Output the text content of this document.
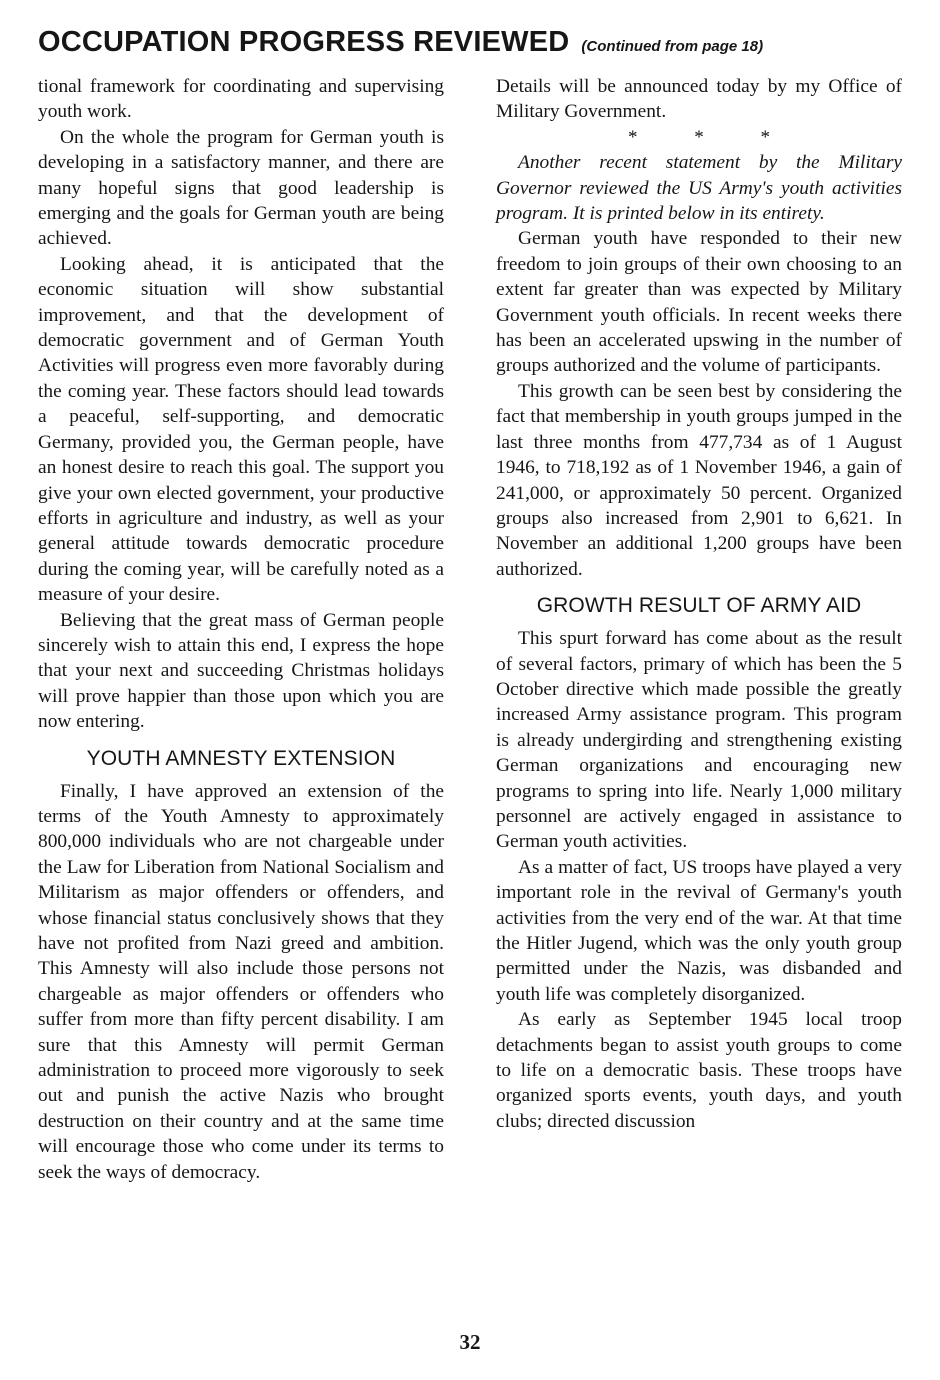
OCCUPATION PROGRESS REVIEWED (Continued from page 18)

tional framework for coordinating and supervising youth work.

On the whole the program for German youth is developing in a satisfactory manner, and there are many hopeful signs that good leadership is emerging and the goals for German youth are being achieved.

Looking ahead, it is anticipated that the economic situation will show substantial improvement, and that the development of democratic government and of German Youth Activities will progress even more favorably during the coming year. These factors should lead towards a peaceful, self-supporting, and democratic Germany, provided you, the German people, have an honest desire to reach this goal. The support you give your own elected government, your productive efforts in agriculture and industry, as well as your general attitude towards democratic procedure during the coming year, will be carefully noted as a measure of your desire.

Believing that the great mass of German people sincerely wish to attain this end, I express the hope that your next and succeeding Christmas holidays will prove happier than those upon which you are now entering.

YOUTH AMNESTY EXTENSION

Finally, I have approved an extension of the terms of the Youth Amnesty to approximately 800,000 individuals who are not chargeable under the Law for Liberation from National Socialism and Militarism as major offenders or offenders, and whose financial status conclusively shows that they have not profited from Nazi greed and ambition. This Amnesty will also include those persons not chargeable as major offenders or offenders who suffer from more than fifty percent disability. I am sure that this Amnesty will permit German administration to proceed more vigorously to seek out and punish the active Nazis who brought destruction on their country and at the same time will encourage those who come under its terms to seek the ways of democracy.

Details will be announced today by my Office of Military Government.

* * *

Another recent statement by the Military Governor reviewed the US Army's youth activities program. It is printed below in its entirety.

German youth have responded to their new freedom to join groups of their own choosing to an extent far greater than was expected by Military Government youth officials. In recent weeks there has been an accelerated upswing in the number of groups authorized and the volume of participants.

This growth can be seen best by considering the fact that membership in youth groups jumped in the last three months from 477,734 as of 1 August 1946, to 718,192 as of 1 November 1946, a gain of 241,000, or approximately 50 percent. Organized groups also increased from 2,901 to 6,621. In November an additional 1,200 groups have been authorized.

GROWTH RESULT OF ARMY AID

This spurt forward has come about as the result of several factors, primary of which has been the 5 October directive which made possible the greatly increased Army assistance program. This program is already undergirding and strengthening existing German organizations and encouraging new programs to spring into life. Nearly 1,000 military personnel are actively engaged in assistance to German youth activities.

As a matter of fact, US troops have played a very important role in the revival of Germany's youth activities from the very end of the war. At that time the Hitler Jugend, which was the only youth group permitted under the Nazis, was disbanded and youth life was completely disorganized.

As early as September 1945 local troop detachments began to assist youth groups to come to life on a democratic basis. These troops have organized sports events, youth days, and youth clubs; directed discussion

32
